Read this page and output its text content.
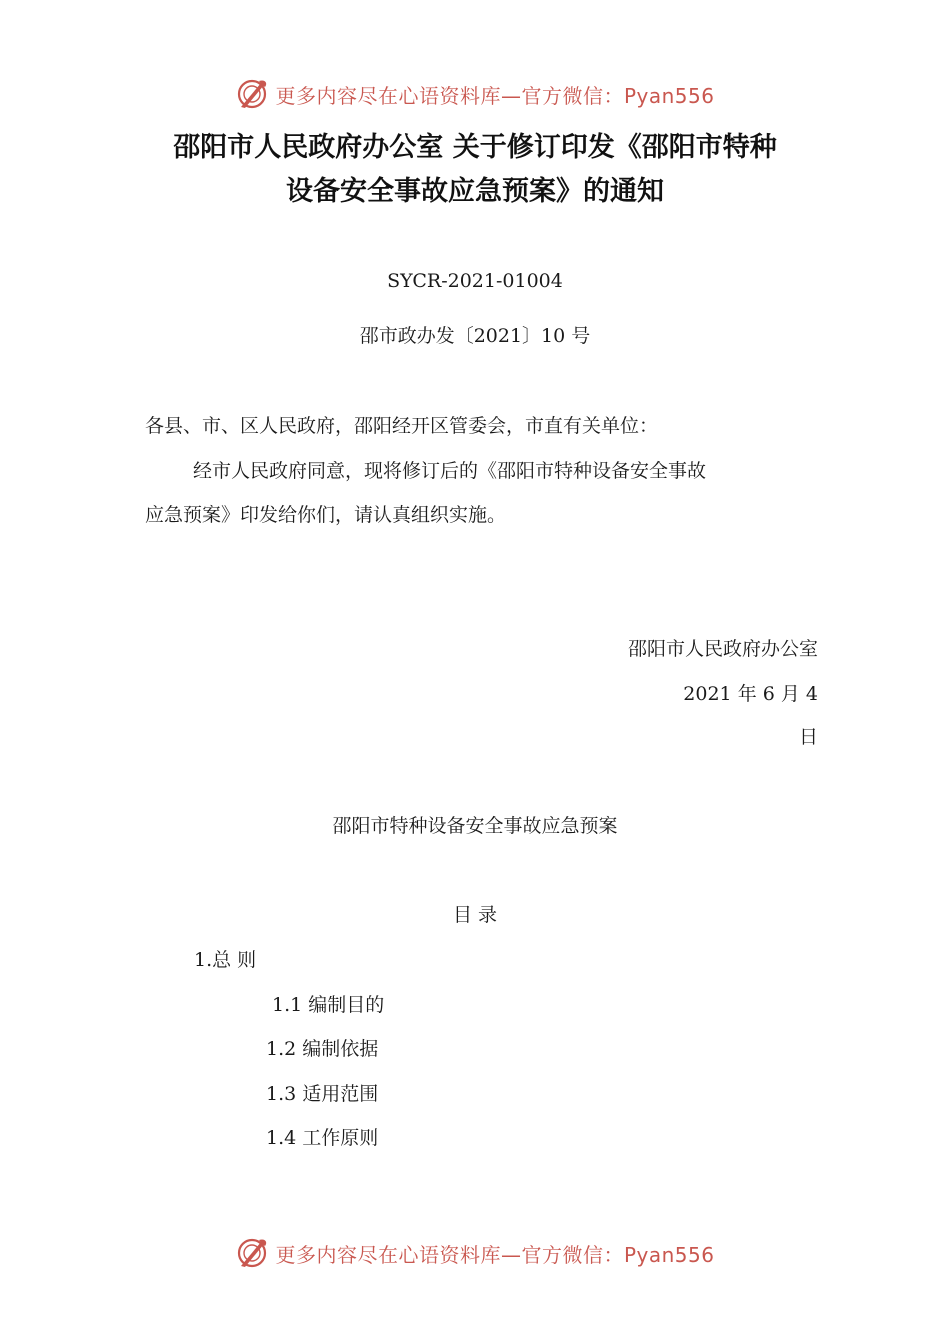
更多内容尽在心语资料库—官方微信：Pyan556
邵阳市人民政府办公室 关于修订印发《邵阳市特种
设备安全事故应急预案》的通知
SYCR-2021-01004
邵市政办发〔2021〕10 号
各县、市、区人民政府，邵阳经开区管委会，市直有关单位：
经市人民政府同意，现将修订后的《邵阳市特种设备安全事故
应急预案》印发给你们，请认真组织实施。
邵阳市人民政府办公室
2021 年 6 月 4
日
邵阳市特种设备安全事故应急预案
目 录
1.总 则
1.1 编制目的
1.2 编制依据
1.3 适用范围
1.4 工作原则
更多内容尽在心语资料库—官方微信：Pyan556
